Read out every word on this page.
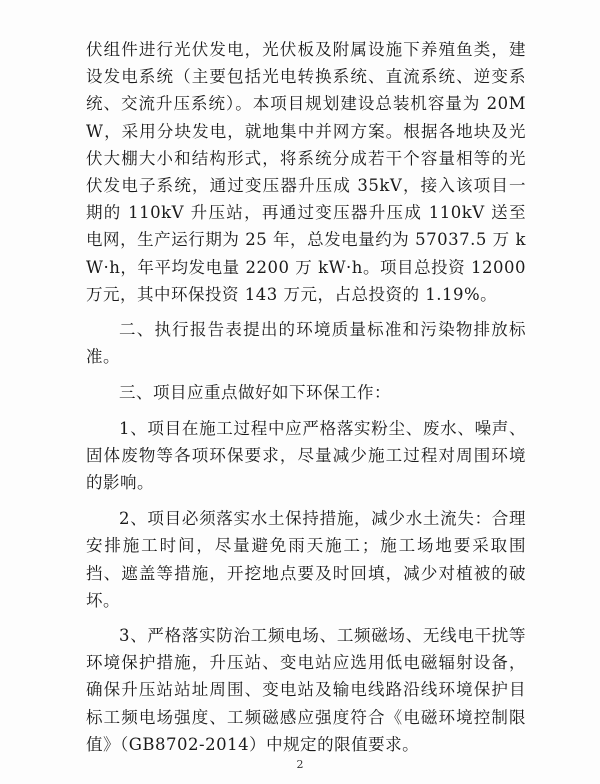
伏组件进行光伏发电，光伏板及附属设施下养殖鱼类，建设发电系统（主要包括光电转换系统、直流系统、逆变系统、交流升压系统）。本项目规划建设总装机容量为 20MW，采用分块发电，就地集中并网方案。根据各地块及光伏大棚大小和结构形式，将系统分成若干个容量相等的光伏发电子系统，通过变压器升压成 35kV，接入该项目一期的 110kV 升压站，再通过变压器升压成 110kV 送至电网，生产运行期为 25 年，总发电量约为 57037.5 万 kW·h，年平均发电量 2200 万 kW·h。项目总投资 12000 万元，其中环保投资 143 万元，占总投资的 1.19%。

二、执行报告表提出的环境质量标准和污染物排放标准。

三、项目应重点做好如下环保工作：

1、项目在施工过程中应严格落实粉尘、废水、噪声、固体废物等各项环保要求，尽量减少施工过程对周围环境的影响。

2、项目必须落实水土保持措施，减少水土流失：合理安排施工时间，尽量避免雨天施工；施工场地要采取围挡、遮盖等措施，开挖地点要及时回填，减少对植被的破坏。

3、严格落实防治工频电场、工频磁场、无线电干扰等环境保护措施，升压站、变电站应选用低电磁辐射设备，确保升压站站址周围、变电站及输电线路沿线环境保护目标工频电场强度、工频磁感应强度符合《电磁环境控制限值》（GB8702-2014）中规定的限值要求。

2
